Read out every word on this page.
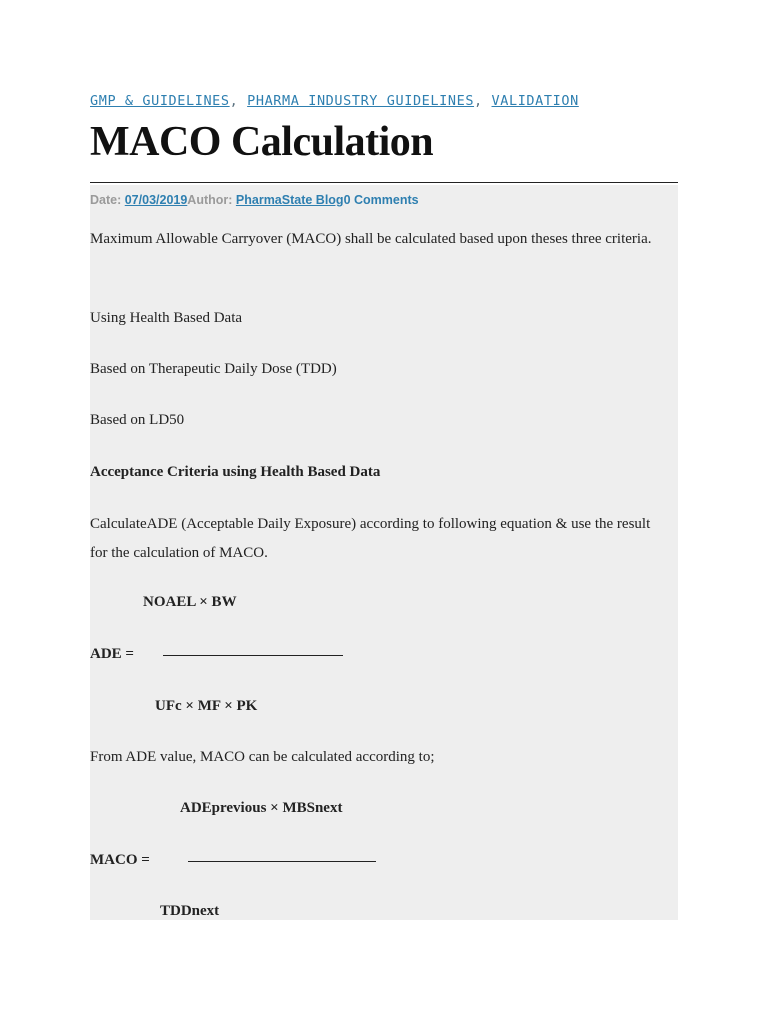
GMP & GUIDELINES, PHARMA INDUSTRY GUIDELINES, VALIDATION
MACO Calculation
Date: 07/03/2019Author: PharmaState Blog0 Comments

Maximum Allowable Carryover (MACO) shall be calculated based upon theses three criteria.

Using Health Based Data

Based on Therapeutic Daily Dose (TDD)

Based on LD50

Acceptance Criteria using Health Based Data

CalculateADE (Acceptable Daily Exposure) according to following equation & use the result for the calculation of MACO.

NOAEL × BW

ADE =

UFc × MF × PK

From ADE value, MACO can be calculated according to;

ADEprevious × MBSnext

MACO =

TDDnext
